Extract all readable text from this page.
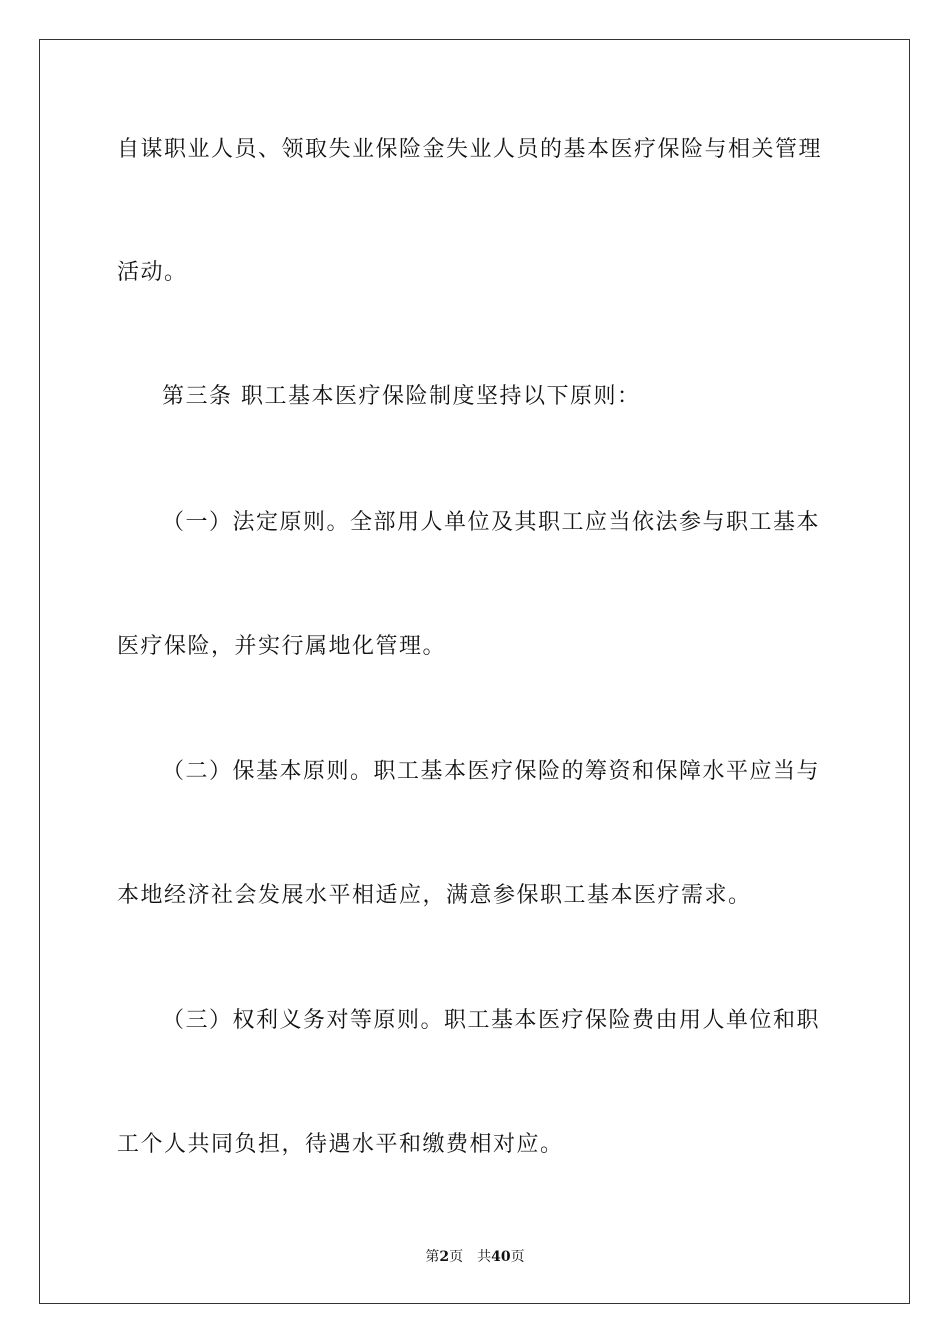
自谋职业人员、领取失业保险金失业人员的基本医疗保险与相关管理
活动。
第三条 职工基本医疗保险制度坚持以下原则：
（一）法定原则。全部用人单位及其职工应当依法参与职工基本
医疗保险，并实行属地化管理。
（二）保基本原则。职工基本医疗保险的筹资和保障水平应当与
本地经济社会发展水平相适应，满意参保职工基本医疗需求。
（三）权利义务对等原则。职工基本医疗保险费由用人单位和职
工个人共同负担，待遇水平和缴费相对应。
第2页 共40页
